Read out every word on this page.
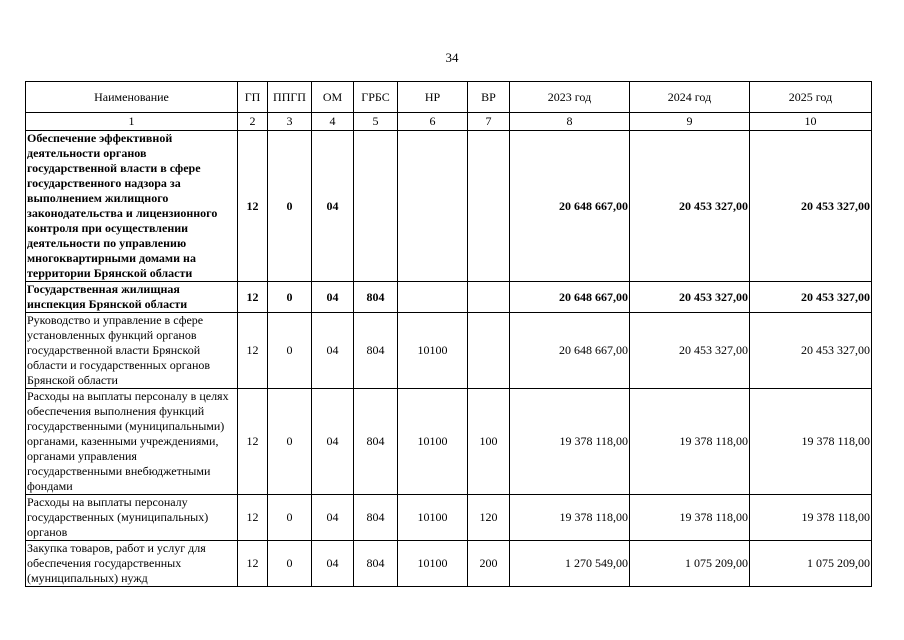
34
Наименование	ГП	ППГП	ОМ	ГРБС	НР	ВР	2023 год	2024 год	2025 год
1	2	3	4	5	6	7	8	9	10
Обеспечение эффективной деятельности органов государственной власти в сфере государственного надзора за выполнением жилищного законодательства и лицензионного контроля при осуществлении деятельности по управлению многоквартирными домами на территории Брянской области	12	0	04				20 648 667,00	20 453 327,00	20 453 327,00
Государственная жилищная инспекция Брянской области	12	0	04	804			20 648 667,00	20 453 327,00	20 453 327,00
Руководство и управление в сфере установленных функций органов государственной власти Брянской области и государственных органов Брянской области	12	0	04	804	10100		20 648 667,00	20 453 327,00	20 453 327,00
Расходы на выплаты персоналу в целях обеспечения выполнения функций государственными (муниципальными) органами, казенными учреждениями, органами управления государственными внебюджетными фондами	12	0	04	804	10100	100	19 378 118,00	19 378 118,00	19 378 118,00
Расходы на выплаты персоналу государственных (муниципальных) органов	12	0	04	804	10100	120	19 378 118,00	19 378 118,00	19 378 118,00
Закупка товаров, работ и услуг для обеспечения государственных (муниципальных) нужд	12	0	04	804	10100	200	1 270 549,00	1 075 209,00	1 075 209,00
